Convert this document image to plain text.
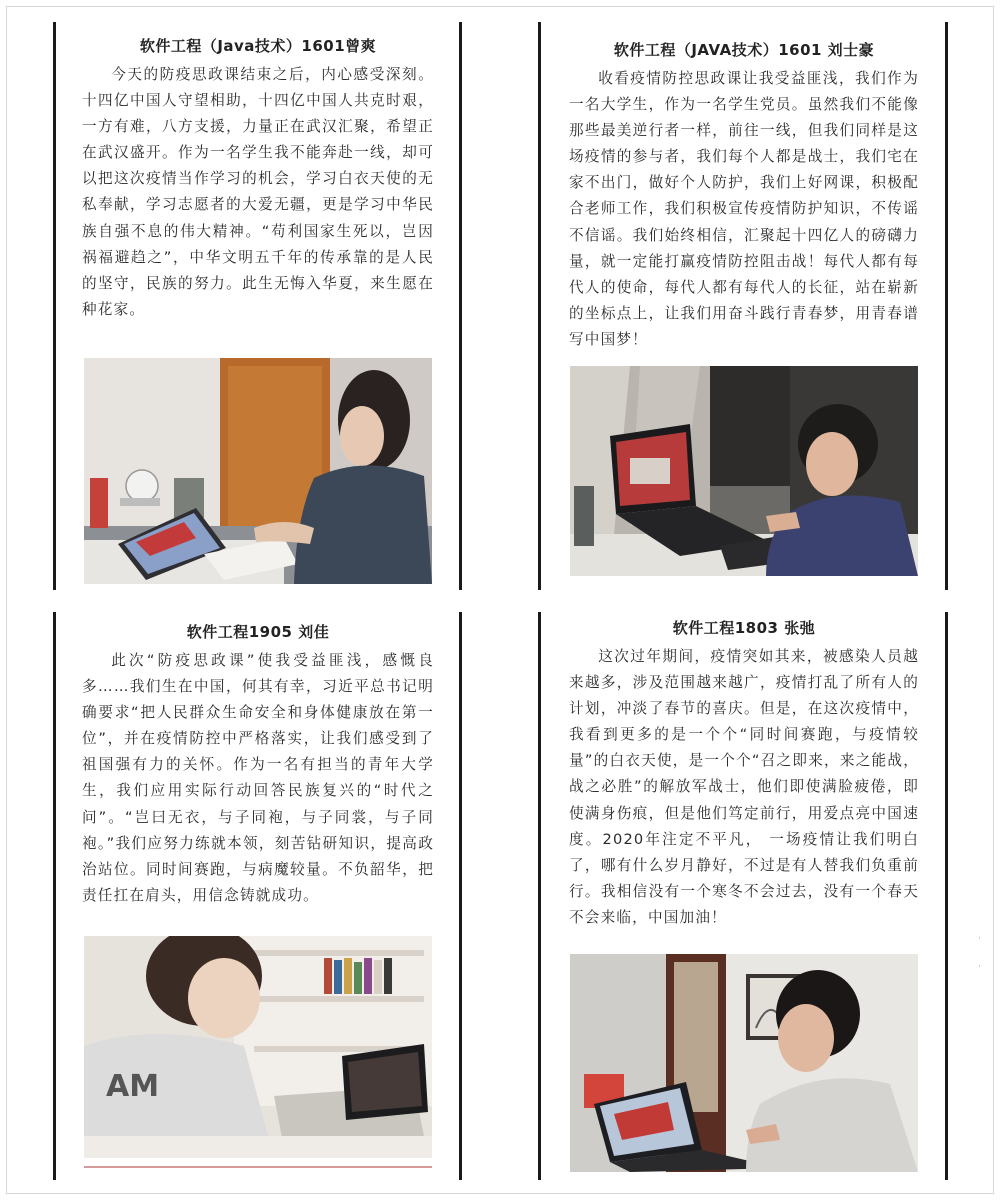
软件工程（Java技术）1601曾爽

今天的防疫思政课结束之后，内心感受深刻。十四亿中国人守望相助，十四亿中国人共克时艰，一方有难，八方支援，力量正在武汉汇聚，希望正在武汉盛开。作为一名学生我不能奔赴一线，却可以把这次疫情当作学习的机会，学习白衣天使的无私奉献，学习志愿者的大爱无疆，更是学习中华民族自强不息的伟大精神。“苟利国家生死以，岂因祸福避趋之”，中华文明五千年的传承靠的是人民的坚守，民族的努力。此生无悔入华夏，来生愿在种花家。

软件工程（JAVA技术）1601 刘士豪

收看疫情防控思政课让我受益匪浅，我们作为一名大学生，作为一名学生党员。虽然我们不能像那些最美逆行者一样，前往一线，但我们同样是这场疫情的参与者，我们每个人都是战士，我们宅在家不出门，做好个人防护，我们上好网课，积极配合老师工作，我们积极宣传疫情防护知识，不传谣不信谣。我们始终相信，汇聚起十四亿人的磅礴力量，就一定能打赢疫情防控阻击战！每代人都有每代人的使命，每代人都有每代人的长征，站在崭新的坐标点上，让我们用奋斗践行青春梦，用青春谱写中国梦！

软件工程1905 刘佳

此次“防疫思政课”使我受益匪浅，感慨良多……我们生在中国，何其有幸，习近平总书记明确要求“把人民群众生命安全和身体健康放在第一位”，并在疫情防控中严格落实，让我们感受到了祖国强有力的关怀。作为一名有担当的青年大学生，我们应用实际行动回答民族复兴的“时代之问”。“岂曰无衣，与子同袍，与子同裳，与子同袍。”我们应努力练就本领，刻苦钻研知识，提高政治站位。同时间赛跑，与病魔较量。不负韶华，把责任扛在肩头，用信念铸就成功。

AM
软件工程1803 张弛

这次过年期间，疫情突如其来，被感染人员越来越多，涉及范围越来越广，疫情打乱了所有人的计划，冲淡了春节的喜庆。但是，在这次疫情中，我看到更多的是一个个“同时间赛跑，与疫情较量”的白衣天使，是一个个“召之即来，来之能战，战之必胜”的解放军战士，他们即使满脸疲倦，即使满身伤痕，但是他们笃定前行，用爱点亮中国速度。2020年注定不平凡， 一场疫情让我们明白了，哪有什么岁月静好，不过是有人替我们负重前行。我相信没有一个寒冬不会过去，没有一个春天不会来临，中国加油！

·
·
